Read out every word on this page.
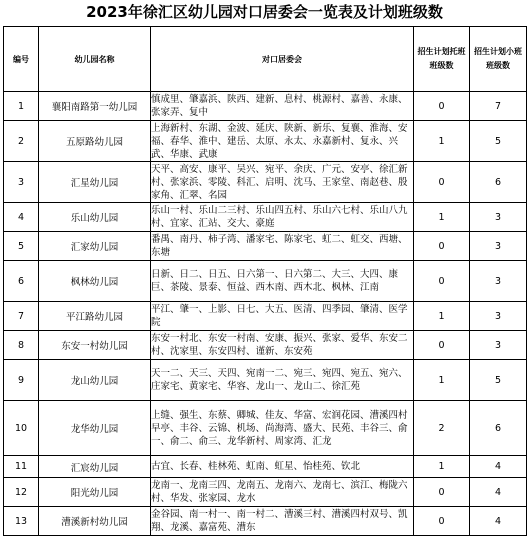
2023年徐汇区幼儿园对口居委会一览表及计划班级数
编号	幼儿园名称	对口居委会	招生计划托班班级数	招生计划小班班级数
1	襄阳南路第一幼儿园	慎成里、肇嘉浜、陕西、建新、息村、桃源村、嘉善、永康、张家弄、复中	0	7
2	五原路幼儿园	上海新村、东湖、金波、延庆、陕新、新乐、复襄、淮海、安福、春华、淮中、建岳、太原、永太、永嘉新村、复永、兴武、华康、武康	1	5
3	汇星幼儿园	天平、高安、康平、吴兴、宛平、余庆、广元、安亭、徐汇新村、张家浜、零陵、科汇、启明、沈马、王家堂、南赵巷、殷家角、汇翠、名园	0	6
4	乐山幼儿园	乐山一村、乐山二三村、乐山四五村、乐山六七村、乐山八九村、宜家、汇站、交大、豪庭	1	3
5	汇家幼儿园	番禺、南丹、柿子湾、潘家宅、陈家宅、虹二、虹交、西塘、东塘	0	3
6	枫林幼儿园	日新、日二、日五、日六第一、日六第二、大三、大四、康巨、茶陵、景泰、恒益、西木南、西木北、枫林、江南	0	3
7	平江路幼儿园	平江、肇一、上影、日七、大五、医清、四季园、肇清、医学院	1	3
8	东安一村幼儿园	东安一村北、东安一村南、安康、振兴、张家、爱华、东安二村、沈家里、东安四村、谨新、东安苑	0	3
9	龙山幼儿园	天一二、天三、天四、宛南一二、宛三、宛四、宛五、宛六、庄家宅、黄家宅、华容、龙山一、龙山二、徐汇苑	1	5
10	龙华幼儿园	上缝、强生、东蔡、卿城、佳友、华富、宏润花园、漕溪四村早亭、丰谷、云锦、机场、尚海湾、盛大、民苑、丰谷三、俞一、俞二、俞三、龙华新村、周家湾、汇龙	2	6
11	汇宸幼儿园	古宜、长春、桂林苑、虹南、虹星、怡桂苑、钦北	1	4
12	阳光幼儿园	龙南一、龙南三四、龙南五、龙南六、龙南七、滨江、梅陇六村、华发、张家园、龙水	0	4
13	漕溪新村幼儿园	金谷园、南一村一、南一村二、漕溪三村、漕溪四村双号、凯翔、龙溪、嘉富苑、漕东	0	4
